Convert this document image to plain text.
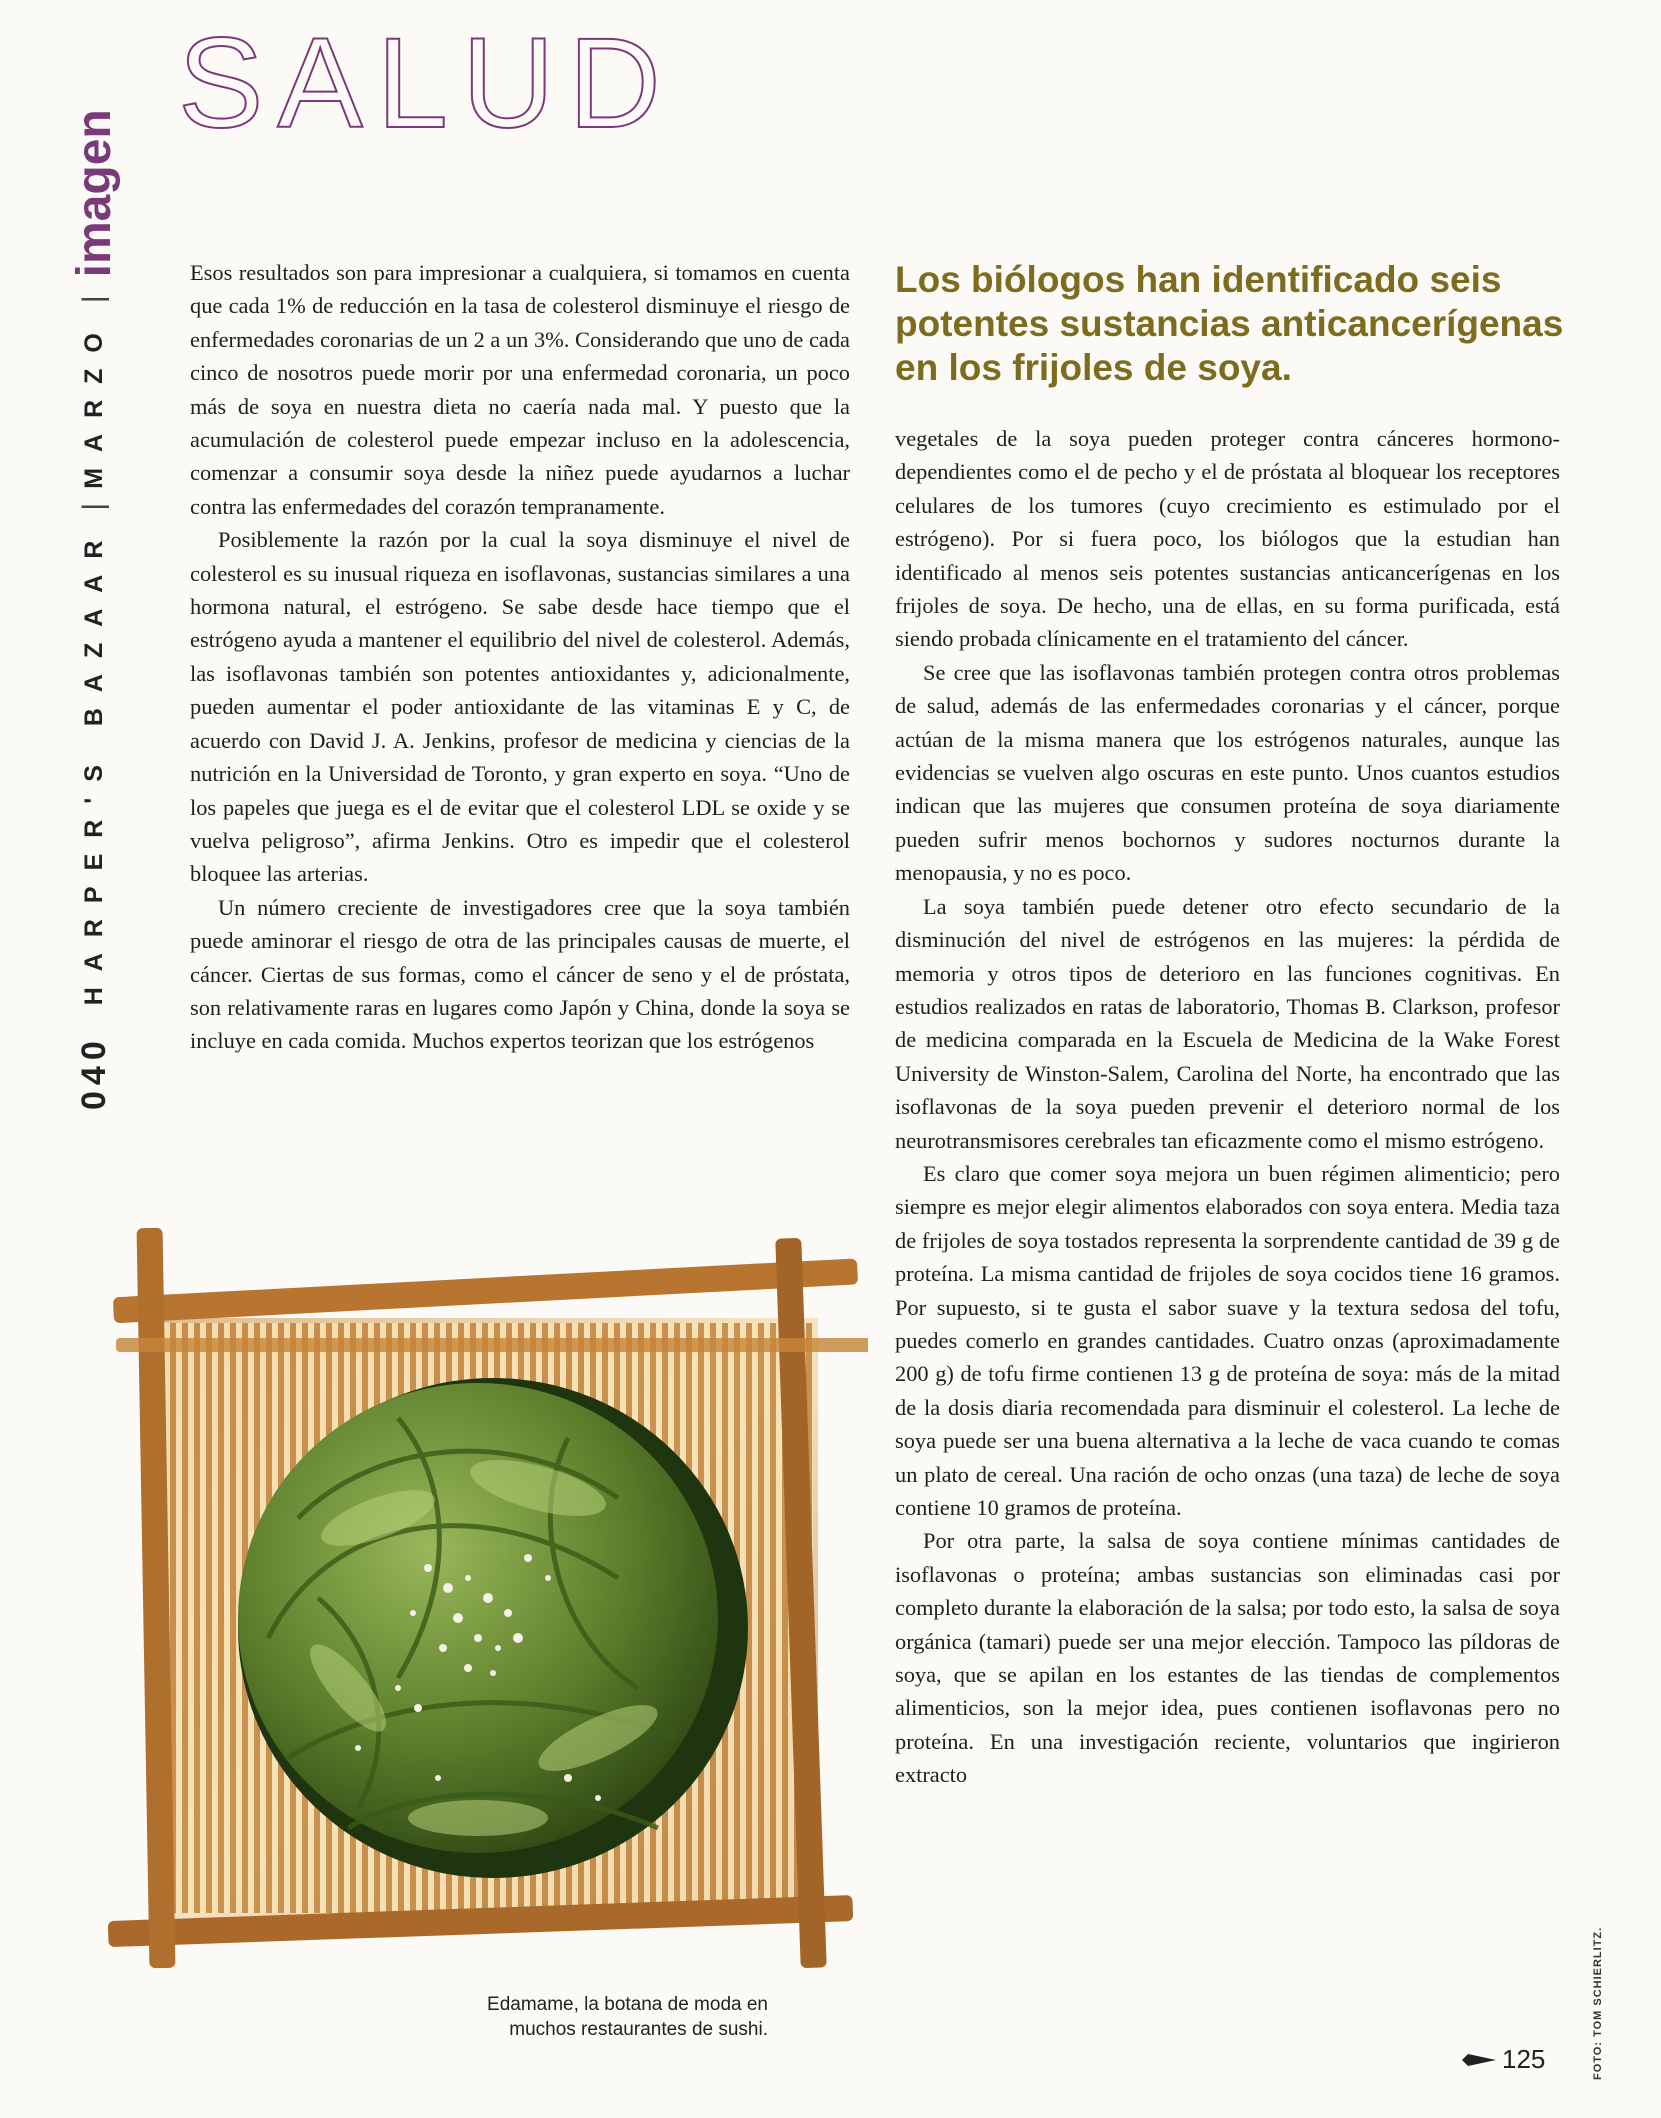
SALUD
040
HARPER'S BAZAAR
|
MARZO
|
imagen
Los biólogos han identificado seis potentes sustancias anticancerígenas en los frijoles de soya.

Esos resultados son para impresionar a cualquiera, si tomamos en cuenta que cada 1% de reducción en la tasa de colesterol disminuye el riesgo de enfermedades coronarias de un 2 a un 3%. Considerando que uno de cada cinco de nosotros puede morir por una enfermedad coronaria, un poco más de soya en nuestra dieta no caería nada mal. Y puesto que la acumulación de colesterol puede empezar incluso en la adolescencia, comenzar a consumir soya desde la niñez puede ayudarnos a luchar contra las enfermedades del corazón tempranamente.

Posiblemente la razón por la cual la soya disminuye el nivel de colesterol es su inusual riqueza en isoflavonas, sustancias similares a una hormona natural, el estrógeno. Se sabe desde hace tiempo que el estrógeno ayuda a mantener el equilibrio del nivel de colesterol. Además, las isoflavonas también son potentes antioxidantes y, adicionalmente, pueden aumentar el poder antioxidante de las vitaminas E y C, de acuerdo con David J. A. Jenkins, profesor de medicina y ciencias de la nutrición en la Universidad de Toronto, y gran experto en soya. “Uno de los papeles que juega es el de evitar que el colesterol LDL se oxide y se vuelva peligroso”, afirma Jenkins. Otro es impedir que el colesterol bloquee las arterias.

Un número creciente de investigadores cree que la soya también puede aminorar el riesgo de otra de las principales causas de muerte, el cáncer. Ciertas de sus formas, como el cáncer de seno y el de próstata, son relativamente raras en lugares como Japón y China, donde la soya se incluye en cada comida. Muchos expertos teorizan que los estrógenos

vegetales de la soya pueden proteger contra cánceres hormono-dependientes como el de pecho y el de próstata al bloquear los receptores celulares de los tumores (cuyo crecimiento es estimulado por el estrógeno). Por si fuera poco, los biólogos que la estudian han identificado al menos seis potentes sustancias anticancerígenas en los frijoles de soya. De hecho, una de ellas, en su forma purificada, está siendo probada clínicamente en el tratamiento del cáncer.

Se cree que las isoflavonas también protegen contra otros problemas de salud, además de las enfermedades coronarias y el cáncer, porque actúan de la misma manera que los estrógenos naturales, aunque las evidencias se vuelven algo oscuras en este punto. Unos cuantos estudios indican que las mujeres que consumen proteína de soya diariamente pueden sufrir menos bochornos y sudores nocturnos durante la menopausia, y no es poco.

La soya también puede detener otro efecto secundario de la disminución del nivel de estrógenos en las mujeres: la pérdida de memoria y otros tipos de deterioro en las funciones cognitivas. En estudios realizados en ratas de laboratorio, Thomas B. Clarkson, profesor de medicina comparada en la Escuela de Medicina de la Wake Forest University de Winston-Salem, Carolina del Norte, ha encontrado que las isoflavonas de la soya pueden prevenir el deterioro normal de los neurotransmisores cerebrales tan eficazmente como el mismo estrógeno.

Es claro que comer soya mejora un buen régimen alimenticio; pero siempre es mejor elegir alimentos elaborados con soya entera. Media taza de frijoles de soya tostados representa la sorprendente cantidad de 39 g de proteína. La misma cantidad de frijoles de soya cocidos tiene 16 gramos. Por supuesto, si te gusta el sabor suave y la textura sedosa del tofu, puedes comerlo en grandes cantidades. Cuatro onzas (aproximadamente 200 g) de tofu firme contienen 13 g de proteína de soya: más de la mitad de la dosis diaria recomendada para disminuir el colesterol. La leche de soya puede ser una buena alternativa a la leche de vaca cuando te comas un plato de cereal. Una ración de ocho onzas (una taza) de leche de soya contiene 10 gramos de proteína.

Por otra parte, la salsa de soya contiene mínimas cantidades de isoflavonas o proteína; ambas sustancias son eliminadas casi por completo durante la elaboración de la salsa; por todo esto, la salsa de soya orgánica (tamari) puede ser una mejor elección. Tampoco las píldoras de soya, que se apilan en los estantes de las tiendas de complementos alimenticios, son la mejor idea, pues contienen isoflavonas pero no proteína. En una investigación reciente, voluntarios que ingirieron extracto

Edamame, la botana de moda en
muchos restaurantes de sushi.
125	FOTO: TOM SCHIERLITZ.
